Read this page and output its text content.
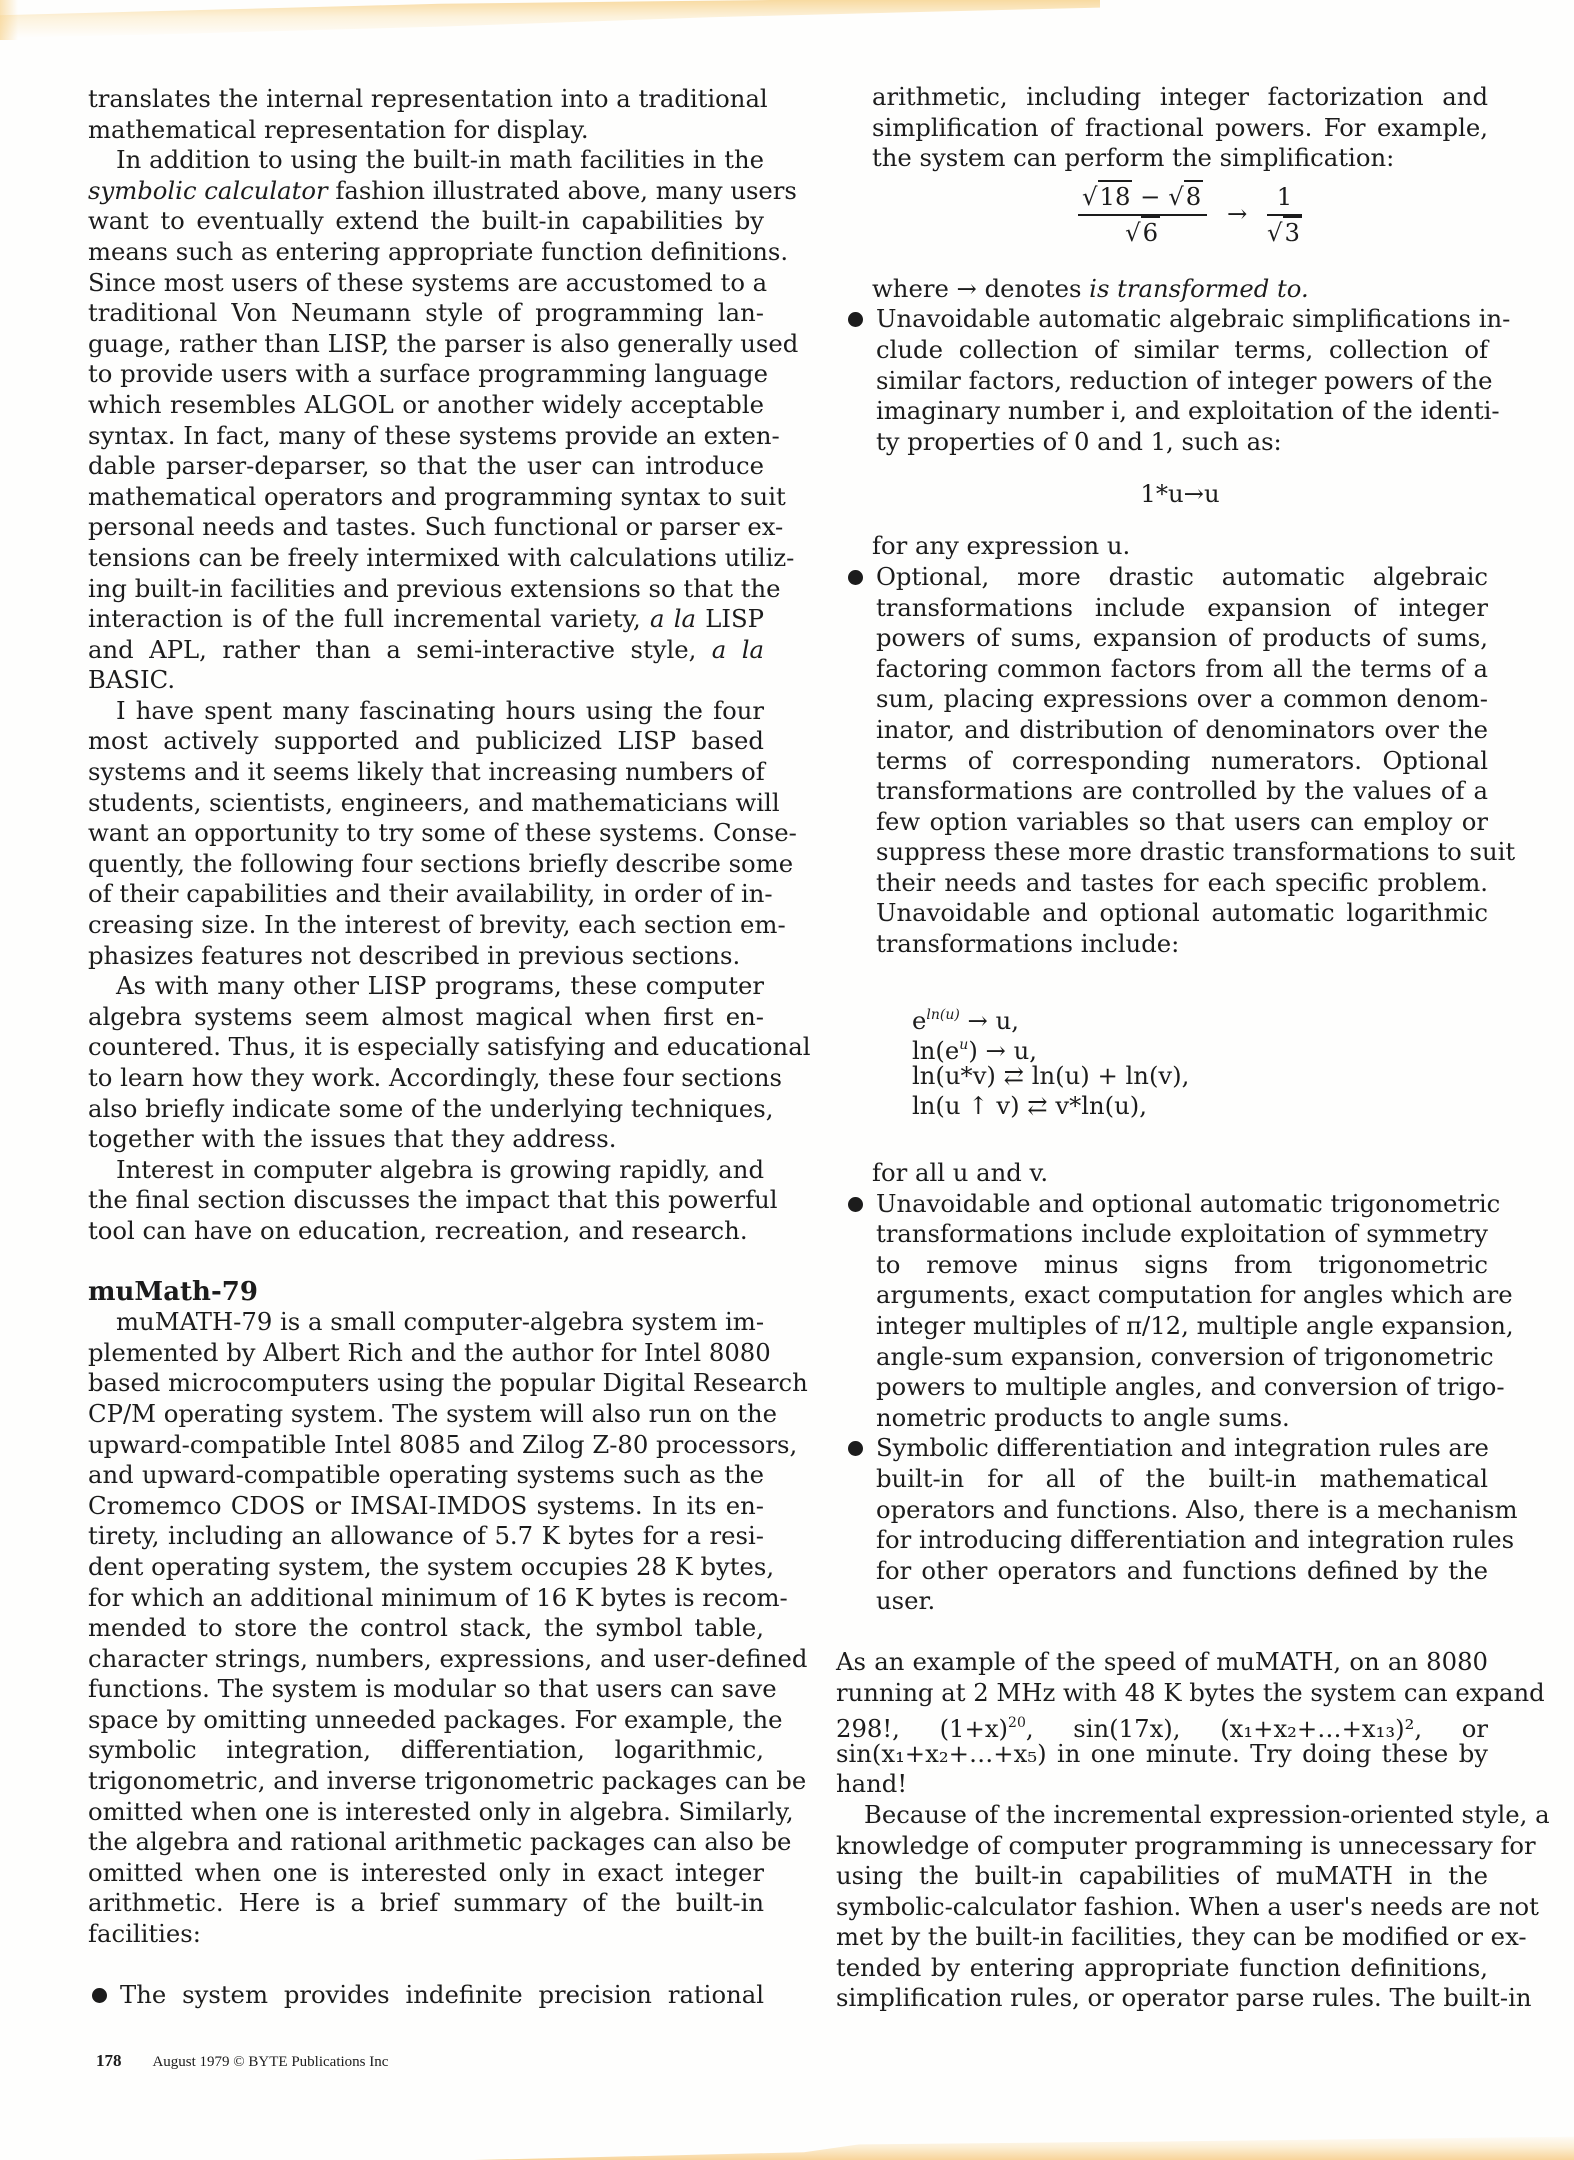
translates the internal representation into a traditional
mathematical representation for display.
In addition to using the built-in math facilities in the
symbolic calculator fashion illustrated above, many users
want to eventually extend the built-in capabilities by
means such as entering appropriate function definitions.
Since most users of these systems are accustomed to a
traditional Von Neumann style of programming lan-
guage, rather than LISP, the parser is also generally used
to provide users with a surface programming language
which resembles ALGOL or another widely acceptable
syntax. In fact, many of these systems provide an exten-
dable parser-deparser, so that the user can introduce
mathematical operators and programming syntax to suit
personal needs and tastes. Such functional or parser ex-
tensions can be freely intermixed with calculations utiliz-
ing built-in facilities and previous extensions so that the
interaction is of the full incremental variety, a la LISP
and APL, rather than a semi-interactive style, a la
BASIC.
I have spent many fascinating hours using the four
most actively supported and publicized LISP based
systems and it seems likely that increasing numbers of
students, scientists, engineers, and mathematicians will
want an opportunity to try some of these systems. Conse-
quently, the following four sections briefly describe some
of their capabilities and their availability, in order of in-
creasing size. In the interest of brevity, each section em-
phasizes features not described in previous sections.
As with many other LISP programs, these computer
algebra systems seem almost magical when first en-
countered. Thus, it is especially satisfying and educational
to learn how they work. Accordingly, these four sections
also briefly indicate some of the underlying techniques,
together with the issues that they address.
Interest in computer algebra is growing rapidly, and
the final section discusses the impact that this powerful
tool can have on education, recreation, and research.
muMath-79
muMATH-79 is a small computer-algebra system im-
plemented by Albert Rich and the author for Intel 8080
based microcomputers using the popular Digital Research
CP/M operating system. The system will also run on the
upward-compatible Intel 8085 and Zilog Z-80 processors,
and upward-compatible operating systems such as the
Cromemco CDOS or IMSAI-IMDOS systems. In its en-
tirety, including an allowance of 5.7 K bytes for a resi-
dent operating system, the system occupies 28 K bytes,
for which an additional minimum of 16 K bytes is recom-
mended to store the control stack, the symbol table,
character strings, numbers, expressions, and user-defined
functions. The system is modular so that users can save
space by omitting unneeded packages. For example, the
symbolic integration, differentiation, logarithmic,
trigonometric, and inverse trigonometric packages can be
omitted when one is interested only in algebra. Similarly,
the algebra and rational arithmetic packages can also be
omitted when one is interested only in exact integer
arithmetic. Here is a brief summary of the built-in
facilities:
The system provides indefinite precision rational
arithmetic, including integer factorization and
simplification of fractional powers. For example,
the system can perform the simplification:
$\frac{√18 - √8}{√6} \to \frac{1}{√3}$
where → denotes is transformed to.
Unavoidable automatic algebraic simplifications in-
clude collection of similar terms, collection of
similar factors, reduction of integer powers of the
imaginary number i, and exploitation of the identi-
ty properties of 0 and 1, such as:
1*u→u
for any expression u.
Optional, more drastic automatic algebraic
transformations include expansion of integer
powers of sums, expansion of products of sums,
factoring common factors from all the terms of a
sum, placing expressions over a common denom-
inator, and distribution of denominators over the
terms of corresponding numerators. Optional
transformations are controlled by the values of a
few option variables so that users can employ or
suppress these more drastic transformations to suit
their needs and tastes for each specific problem.
Unavoidable and optional automatic logarithmic
transformations include:
$e^{ln(u)} \to u$,
$\ln(e^u) \to u$,
ln(u*v) ⇄ ln(u) + ln(v),
ln(u ↑ v) ⇄ v*ln(u),
for all u and v.
Unavoidable and optional automatic trigonometric
transformations include exploitation of symmetry
to remove minus signs from trigonometric
arguments, exact computation for angles which are
integer multiples of π/12, multiple angle expansion,
angle-sum expansion, conversion of trigonometric
powers to multiple angles, and conversion of trigo-
nometric products to angle sums.
Symbolic differentiation and integration rules are
built-in for all of the built-in mathematical
operators and functions. Also, there is a mechanism
for introducing differentiation and integration rules
for other operators and functions defined by the
user.
As an example of the speed of muMATH, on an 8080
running at 2 MHz with 48 K bytes the system can expand
298!, $(1+x)^{20}$, sin(17x), (x₁+x₂+…+x₁₃)², or
sin(x₁+x₂+…+x₅) in one minute. Try doing these by
hand!
Because of the incremental expression-oriented style, a
knowledge of computer programming is unnecessary for
using the built-in capabilities of muMATH in the
symbolic-calculator fashion. When a user's needs are not
met by the built-in facilities, they can be modified or ex-
tended by entering appropriate function definitions,
simplification rules, or operator parse rules. The built-in
178 August 1979 © BYTE Publications Inc
